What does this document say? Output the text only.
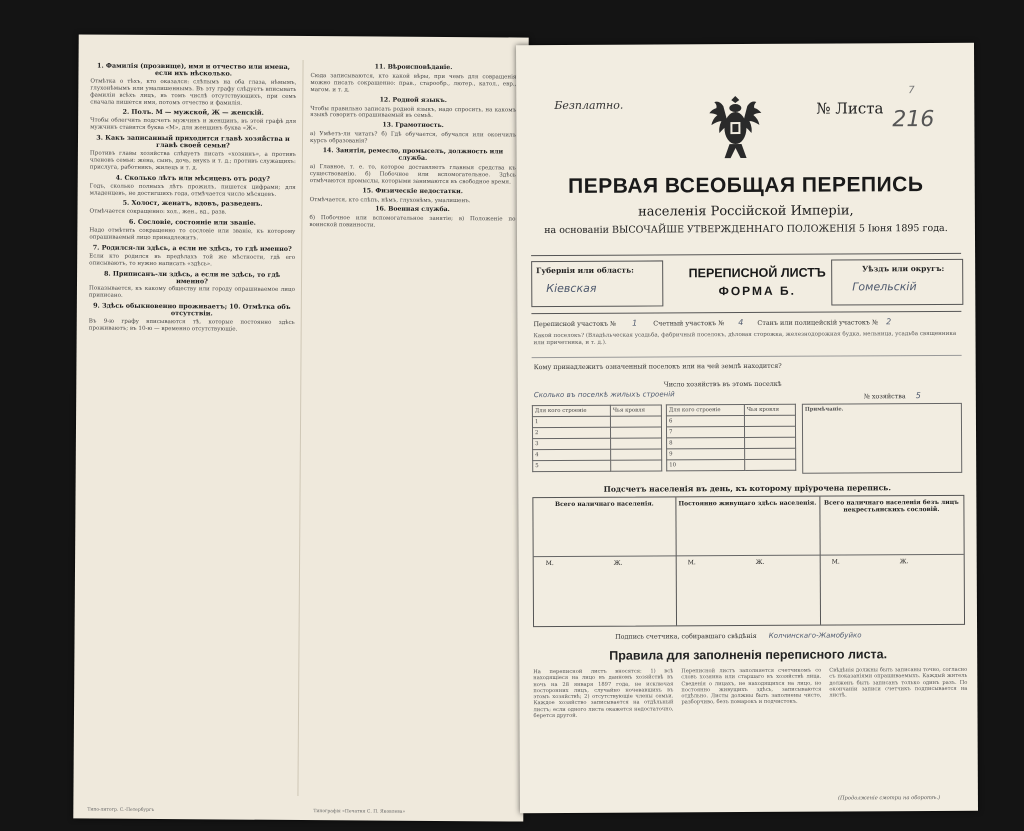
1. Фамилія (прозвище), имя и отчество или имена, если ихъ нѣсколько.

Отмѣтка о тѣхъ, кто оказался: слѣпымъ на оба глаза, нѣмымъ, глухонѣмымъ или умалишеннымъ. Въ эту графу слѣдуетъ вписывать фамиліи всѣхъ лицъ, въ томъ числѣ отсутствующихъ, при семъ сначала пишется имя, потомъ отчество и фамилія.

2. Полъ. М — мужской, Ж — женскій.

Чтобы облегчить подсчетъ мужчинъ и женщинъ, въ этой графѣ для мужчинъ ставится буква «М», для женщинъ буква «Ж».

3. Какъ записанный приходится главѣ хозяйства и главѣ своей семьи?

Противъ главы хозяйства слѣдуетъ писать «хозяинъ», а противъ членовъ семьи: жена, сынъ, дочь, внукъ и т. д.; противъ служащихъ: прислуга, работникъ, жилецъ и т. д.

4. Сколько лѣтъ или мѣсяцевъ отъ роду?

Годъ, сколько полныхъ лѣтъ прожилъ, пишется цифрами; для младенцевъ, не достигшихъ года, отмѣчается число мѣсяцевъ.

5. Холост, женатъ, вдовъ, разведенъ.

Отмѣчается сокращенно: хол., жен., вд., разв.

6. Сословіе, состояніе или званіе.

Надо отмѣтить сокращенно то сословіе или званіе, къ которому опрашиваемый лицо принадлежитъ.

7. Родился-ли здѣсь, а если не здѣсь, то гдѣ именно?

Если кто родился въ предѣлахъ той же мѣстности, гдѣ его описываютъ, то нужно написать «здѣсь».

8. Приписанъ-ли здѣсь, а если не здѣсь, то гдѣ именно?

Показывается, къ какому обществу или городу опрашиваемое лицо приписано.

9. Здѣсь обыкновенно проживаетъ; 10. Отмѣтка объ отсутствіи.

Въ 9-ю графу вписываются тѣ, которые постоянно здѣсь проживаютъ; въ 10-ю — временно отсутствующіе.

11. Вѣроисповѣданіе.

Сюда записываются, кто какой вѣры, при чемъ для совращенія можно писать сокращенно: прав., старообр., лютер., катол., евр., магом. и т. д.

12. Родной языкъ.

Чтобы правильно записать родной языкъ, надо спросить, на какомъ языкѣ говоритъ опрашиваемый въ семьѣ.

13. Грамотность.

а) Умѣетъ-ли читать? б) Гдѣ обучается, обучался или окончилъ курсъ образованія?

14. Занятія, ремесло, промыселъ, должность или служба.

а) Главное, т. е. то, которое доставляетъ главныя средства къ существованію. б) Побочное или вспомогательное. Здѣсь отмѣчаются промыслы, которыми занимаются въ свободное время.

15. Физическіе недостатки.

Отмѣчается, кто слѣпъ, нѣмъ, глухонѣмъ, умалишенъ.

16. Военная служба.

б) Побочное или вспомогательное занятіе; в) Положеніе по воинской повинности.

Типо-литогр. С.-Петербургъ	Типографія «Печатня С. П. Яковлева»
Безплатно.
7
№ Листа 216
ПЕРВАЯ ВСЕОБЩАЯ ПЕРЕПИСЬ
населенія Россійской Имперіи,
на основаніи ВЫСОЧАЙШЕ УТВЕРЖДЕННАГО ПОЛОЖЕНІЯ 5 Іюня 1895 года.
Губернія или область:
Кіевская
ПЕРЕПИСНОЙ ЛИСТЪ
ФОРМА Б.
Уѣздъ или округъ:
Гомельскій
Переписной участокъ № 1	Счетный участокъ № 4 Станъ или полицейскій участокъ № 2
Какой поселокъ? (Владѣльческая усадьба, фабричный поселокъ, дѣловая сторожка, железнодорожная будка, мельница, усадьба священника или причетника, и т. д.).
Кому принадлежитъ означенный поселокъ или на чей землѣ находится?
Число хозяйствъ въ этомъ поселкѣ
№ хозяйства 5
Сколько въ поселкѣ жилыхъ строеній
Для кого строеніе	Чья кровля
1	
2	
3	
4	
5	
Для кого строеніе	Чья кровля
6	
7	
8	
9	
10	
Примѣчаніе.
Подсчетъ населенія въ день, къ которому пріурочена перепись.
Всего наличнаго населенія.
М.	Ж.
Постоянно живущаго здѣсь населенія.
М.	Ж.
Всего наличнаго населенія безъ лицъ некрестьянскихъ сословій.
М.	Ж.
Подпись счетчика, собиравшаго свѣдѣнія Колчинскаго-Жамобуйко
Правила для заполненія переписного листа.
На переписной листъ вносятся: 1) всѣ находящіеся на лицо въ данномъ хозяйствѣ въ ночь на 28 января 1897 года, не исключая посторонних лицъ, случайно ночевавшихъ въ этомъ хозяйствѣ; 2) отсутствующіе члены семьи. Каждое хозяйство записывается на отдѣльный листъ; если одного листа окажется недостаточно, берется другой.
Переписной листъ заполняется счетчикомъ со словъ хозяина или старшаго въ хозяйствѣ лица. Сведенія о лицахъ, не находящихся на лицо, но постоянно живущихъ здѣсь, записываются отдѣльно. Листы должны быть заполнены чисто, разборчиво, безъ помарокъ и подчистокъ.
Свѣдѣнія должны быть записаны точно, согласно съ показаніями опрашиваемыхъ. Каждый житель долженъ быть записанъ только одинъ разъ. По окончаніи записи счетчикъ подписывается на листѣ.
(Продолженіе смотри на оборотѣ.)
